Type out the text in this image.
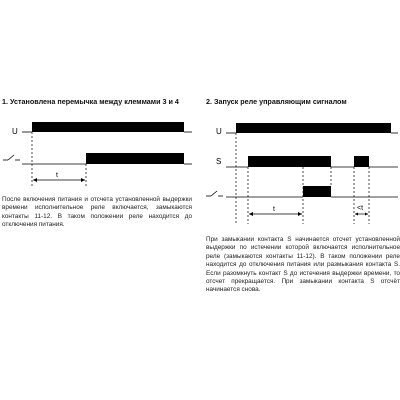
1. Установлена перемычка между клеммами 3 и 4	2. Запуск реле управляющим сигналом
U
t
U
S
t	<t

После включения питания и отсчета установленной выдержки времени исполнительное реле включается, замыкаются контакты 11-12. В таком положении реле находится до отключения питания.

При замыкании контакта S начинается отсчет установленной выдержки по истечении которой включается исполнительное реле (замыкаются контакты 11-12). В таком положении реле находится до отключения питания или размыкания контакта S. Если разомкнуть контакт S до истечения выдержки времени, то отсчет прекращается. При замыкании контакта S отсчёт начинается снова.
